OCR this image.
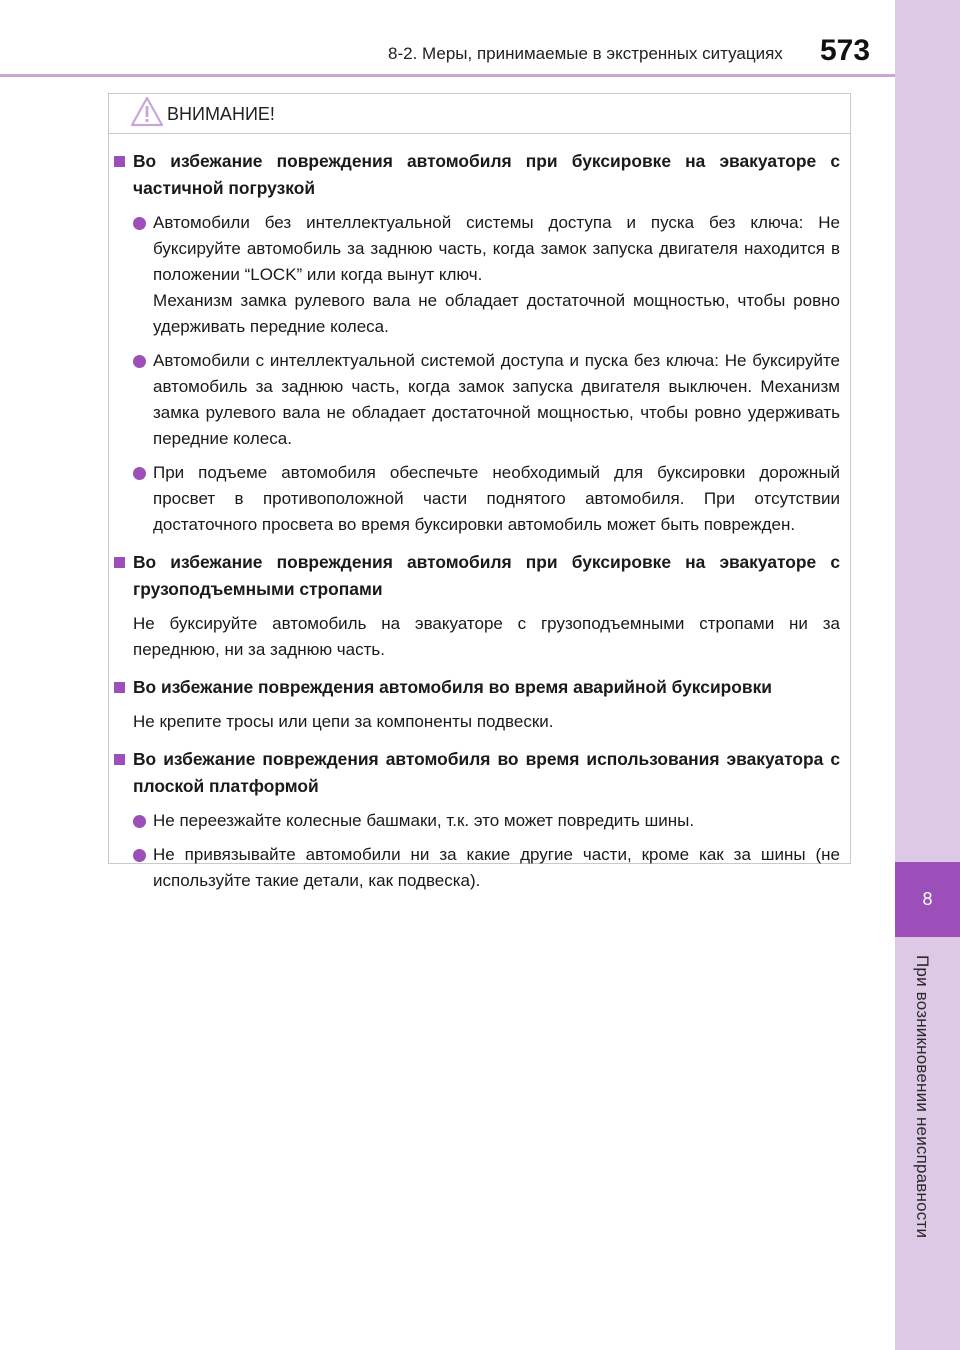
8-2. Меры, принимаемые в экстренных ситуациях 573
8
При возникновении неисправности
ВНИМАНИЕ!
Во избежание повреждения автомобиля при буксировке на эвакуаторе с частичной погрузкой
Автомобили без интеллектуальной системы доступа и пуска без ключа: Не буксируйте автомобиль за заднюю часть, когда замок запуска двигателя находится в положении “LOCK” или когда вынут ключ.
Механизм замка рулевого вала не обладает достаточной мощностью, чтобы ровно удерживать передние колеса.
Автомобили с интеллектуальной системой доступа и пуска без ключа: Не буксируйте автомобиль за заднюю часть, когда замок запуска двигателя выключен. Механизм замка рулевого вала не обладает достаточной мощностью, чтобы ровно удерживать передние колеса.
При подъеме автомобиля обеспечьте необходимый для буксировки дорожный просвет в противоположной части поднятого автомобиля. При отсутствии достаточного просвета во время буксировки автомобиль может быть поврежден.
Во избежание повреждения автомобиля при буксировке на эвакуаторе с грузоподъемными стропами
Не буксируйте автомобиль на эвакуаторе с грузоподъемными стропами ни за переднюю, ни за заднюю часть.
Во избежание повреждения автомобиля во время аварийной буксировки
Не крепите тросы или цепи за компоненты подвески.
Во избежание повреждения автомобиля во время использования эвакуатора с плоской платформой
Не переезжайте колесные башмаки, т.к. это может повредить шины.
Не привязывайте автомобили ни за какие другие части, кроме как за шины (не используйте такие детали, как подвеска).
